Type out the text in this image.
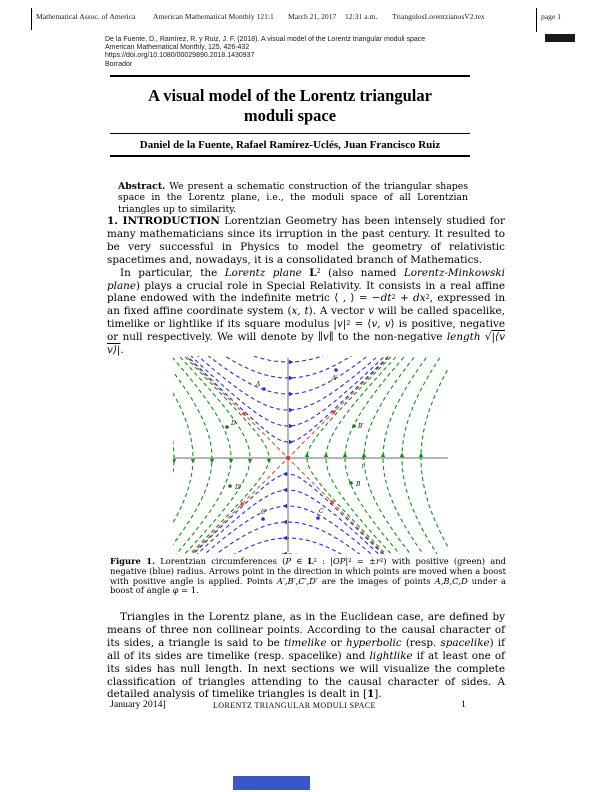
Mathematical Assoc. of America American Mathematical Monthly 121:1 March 21, 2017 12:31 a.m. TriangulosLorentzianosV2.tex	page 1
De la Fuente, D., Ramírez, R. y Ruiz, J. F. (2018). A visual model of the Lorentz triangular moduli space
American Mathematical Monthly, 125, 426-432
https://doi.org/10.1080/00029890.2018.1430937
Borrador
A visual model of the Lorentz triangular
moduli space
Daniel de la Fuente, Rafael Ramírez-Uclés, Juan Francisco Ruiz

Abstract. We present a schematic construction of the triangular shapes space in the Lorentz plane, i.e., the moduli space of all Lorentzian triangles up to similarity.

1. INTRODUCTION Lorentzian Geometry has been intensely studied for many mathematicians since its irruption in the past century. It resulted to be very successful in Physics to model the geometry of relativistic spacetimes and, nowadays, it is a consolidated branch of Mathematics.

In particular, the Lorentz plane $L^2$ (also named Lorentz-Minkowski plane) plays a crucial role in Special Relativity. It consists in a real affine plane endowed with the indefinite metric ⟨ , ⟩ = $-dt^2 + dx^2$, expressed in an fixed affine coordinate system (x, t). A vector v will be called spacelike, timelike or lightlike if its square modulus $|v|^2$ = ⟨v, v⟩ is positive, negative or null respectively. We will denote by ∥v∥ to the non-negative length √|⟨v v⟩|.

1
A
A′
B′
B
D
D′
C′	C

Figure 1. Lorentzian circumferences (P ∈ $L^2$ : $|OP|^2 = \pm r^2$) with positive (green) and negative (blue) radius. Arrows point in the direction in which points are moved when a boost with positive angle is applied. Points A′,B′,C′,D′ are the images of points A,B,C,D under a boost of angle φ = 1.

Triangles in the Lorentz plane, as in the Euclidean case, are defined by means of three non collinear points. According to the causal character of its sides, a triangle is said to be timelike or hyperbolic (resp. spacelike) if all of its sides are timelike (resp. spacelike) and lightlike if at least one of its sides has null length. In next sections we will visualize the complete classification of triangles attending to the causal character of sides. A detailed analysis of timelike triangles is dealt in [1].

January 2014]	LORENTZ TRIANGULAR MODULI SPACE	1
